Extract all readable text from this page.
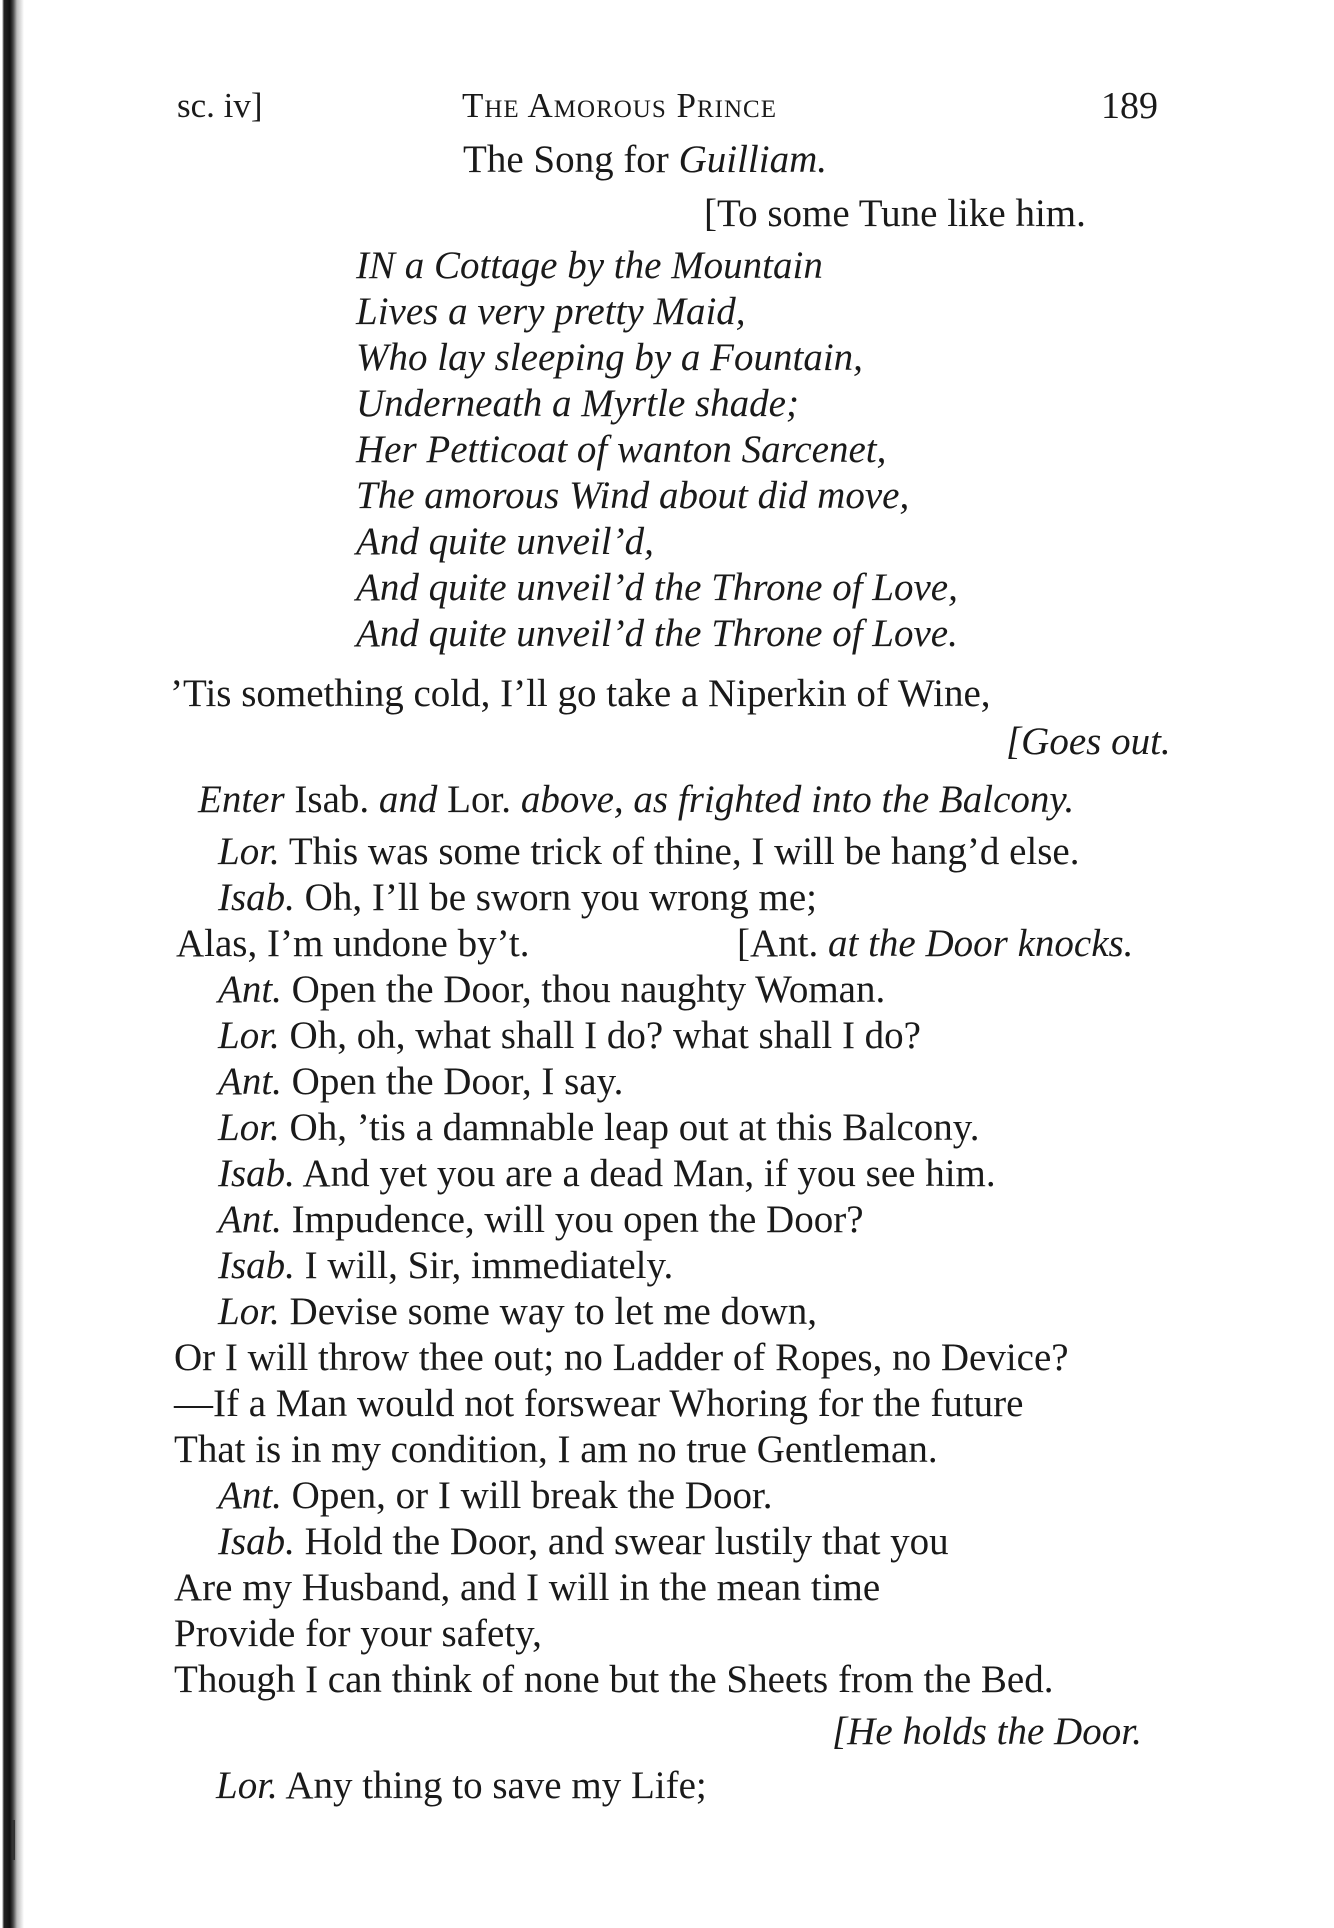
sc. iv]	The Amorous Prince	189
The Song for Guilliam.
[To some Tune like him.
IN a Cottage by the Mountain
Lives a very pretty Maid,
Who lay sleeping by a Fountain,
Underneath a Myrtle shade;
Her Petticoat of wanton Sarcenet,
The amorous Wind about did move,
And quite unveil’d,
And quite unveil’d the Throne of Love,
And quite unveil’d the Throne of Love.
’Tis something cold, I’ll go take a Niperkin of Wine,
[Goes out.
Enter Isab. and Lor. above, as frighted into the Balcony.
Lor. This was some trick of thine, I will be hang’d else.
Isab. Oh, I’ll be sworn you wrong me;
Alas, I’m undone by’t.	[Ant. at the Door knocks.
Ant. Open the Door, thou naughty Woman.
Lor. Oh, oh, what shall I do? what shall I do?
Ant. Open the Door, I say.
Lor. Oh, ’tis a damnable leap out at this Balcony.
Isab. And yet you are a dead Man, if you see him.
Ant. Impudence, will you open the Door?
Isab. I will, Sir, immediately.
Lor. Devise some way to let me down,
Or I will throw thee out; no Ladder of Ropes, no Device?
—If a Man would not forswear Whoring for the future
That is in my condition, I am no true Gentleman.
Ant. Open, or I will break the Door.
Isab. Hold the Door, and swear lustily that you
Are my Husband, and I will in the mean time
Provide for your safety,
Though I can think of none but the Sheets from the Bed.
[He holds the Door.
Lor. Any thing to save my Life;
